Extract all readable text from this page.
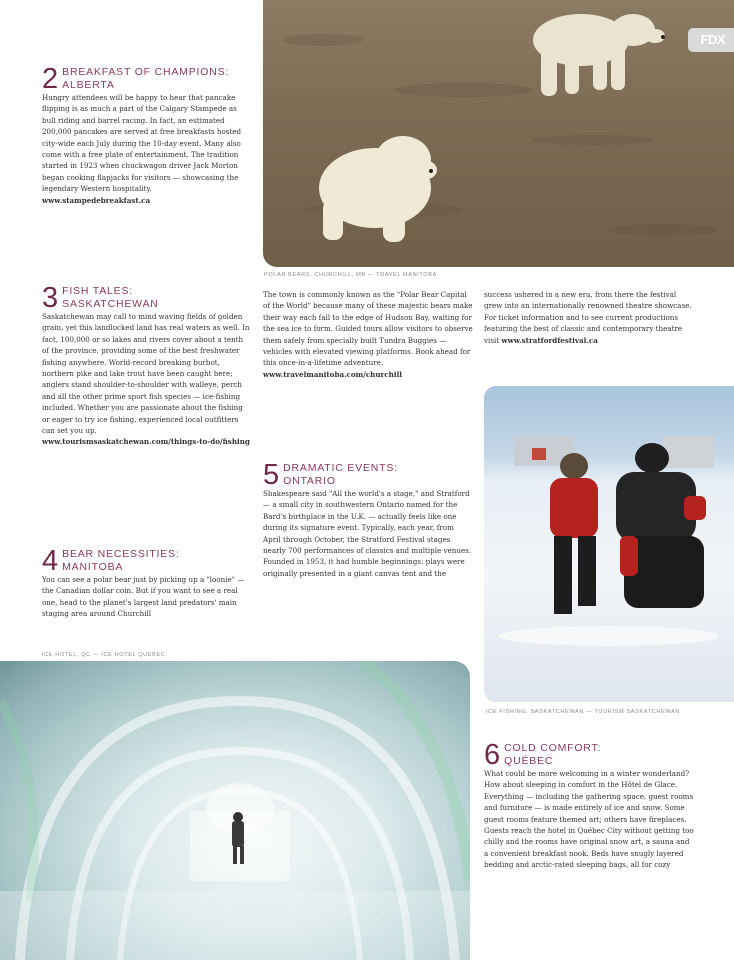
FDX
POLAR BEARS, CHURCHILL, MB — TRAVEL MANITOBA
2 BREAKFAST OF CHAMPIONS:
ALBERTA
Hungry attendees will be happy to hear that pancake flipping is as much a part of the Calgary Stampede as bull riding and barrel racing. In fact, an estimated 200,000 pancakes are served at free breakfasts hosted city-wide each July during the 10-day event. Many also come with a free plate of entertainment. The tradition started in 1923 when chuckwagon driver Jack Morton began cooking flapjacks for visitors — showcasing the legendary Western hospitality. www.stampedebreakfast.ca
3 FISH TALES:
SASKATCHEWAN
Saskatchewan may call to mind waving fields of golden grain, yet this landlocked land has real waters as well. In fact, 100,000 or so lakes and rivers cover about a tenth of the province, providing some of the best freshwater fishing anywhere. World-record breaking burbot, northern pike and lake trout have been caught here; anglers stand shoulder-to-shoulder with walleye, perch and all the other prime sport fish species — ice-fishing included. Whether you are passionate about the fishing or eager to try ice fishing, experienced local outfitters can set you up. www.tourismsaskatchewan.com/things-to-do/fishing
4 BEAR NECESSITIES:
MANITOBA
You can see a polar bear just by picking up a "loonie" — the Canadian dollar coin. But if you want to see a real one, head to the planet's largest land predators' main staging area around Churchill
ICE HOTEL, QC — ICE HOTEL QUÉBEC
The town is commonly known as the "Polar Bear Capital of the World" because many of these majestic bears make their way each fall to the edge of Hudson Bay, waiting for the sea ice to form. Guided tours allow visitors to observe them safely from specially built Tundra Buggies — vehicles with elevated viewing platforms. Book ahead for this once-in-a-lifetime adventure. www.travelmanitoba.com/churchill
5 DRAMATIC EVENTS:
ONTARIO
Shakespeare said "All the world's a stage," and Stratford — a small city in southwestern Ontario named for the Bard's birthplace in the U.K. — actually feels like one during its signature event. Typically, each year, from April through October, the Stratford Festival stages nearly 700 performances of classics and multiple venues. Founded in 1953, it had humble beginnings: plays were originally presented in a giant canvas tent and the
success ushered in a new era, from there the festival grew into an internationally renowned theatre showcase. For ticket information and to see current productions featuring the best of classic and contemporary theatre visit www.stratfordfestival.ca
ICE FISHING, SASKATCHEWAN — TOURISM SASKATCHEWAN
6 COLD COMFORT:
QUÉBEC
What could be more welcoming in a winter wonderland? How about sleeping in comfort in the Hôtel de Glace. Everything — including the gathering space, guest rooms and furniture — is made entirely of ice and snow. Some guest rooms feature themed art; others have fireplaces. Guests reach the hotel in Québec City without getting too chilly and the rooms have original snow art, a sauna and a convenient breakfast nook. Beds have snugly layered bedding and arctic-rated sleeping bags, all for cozy
